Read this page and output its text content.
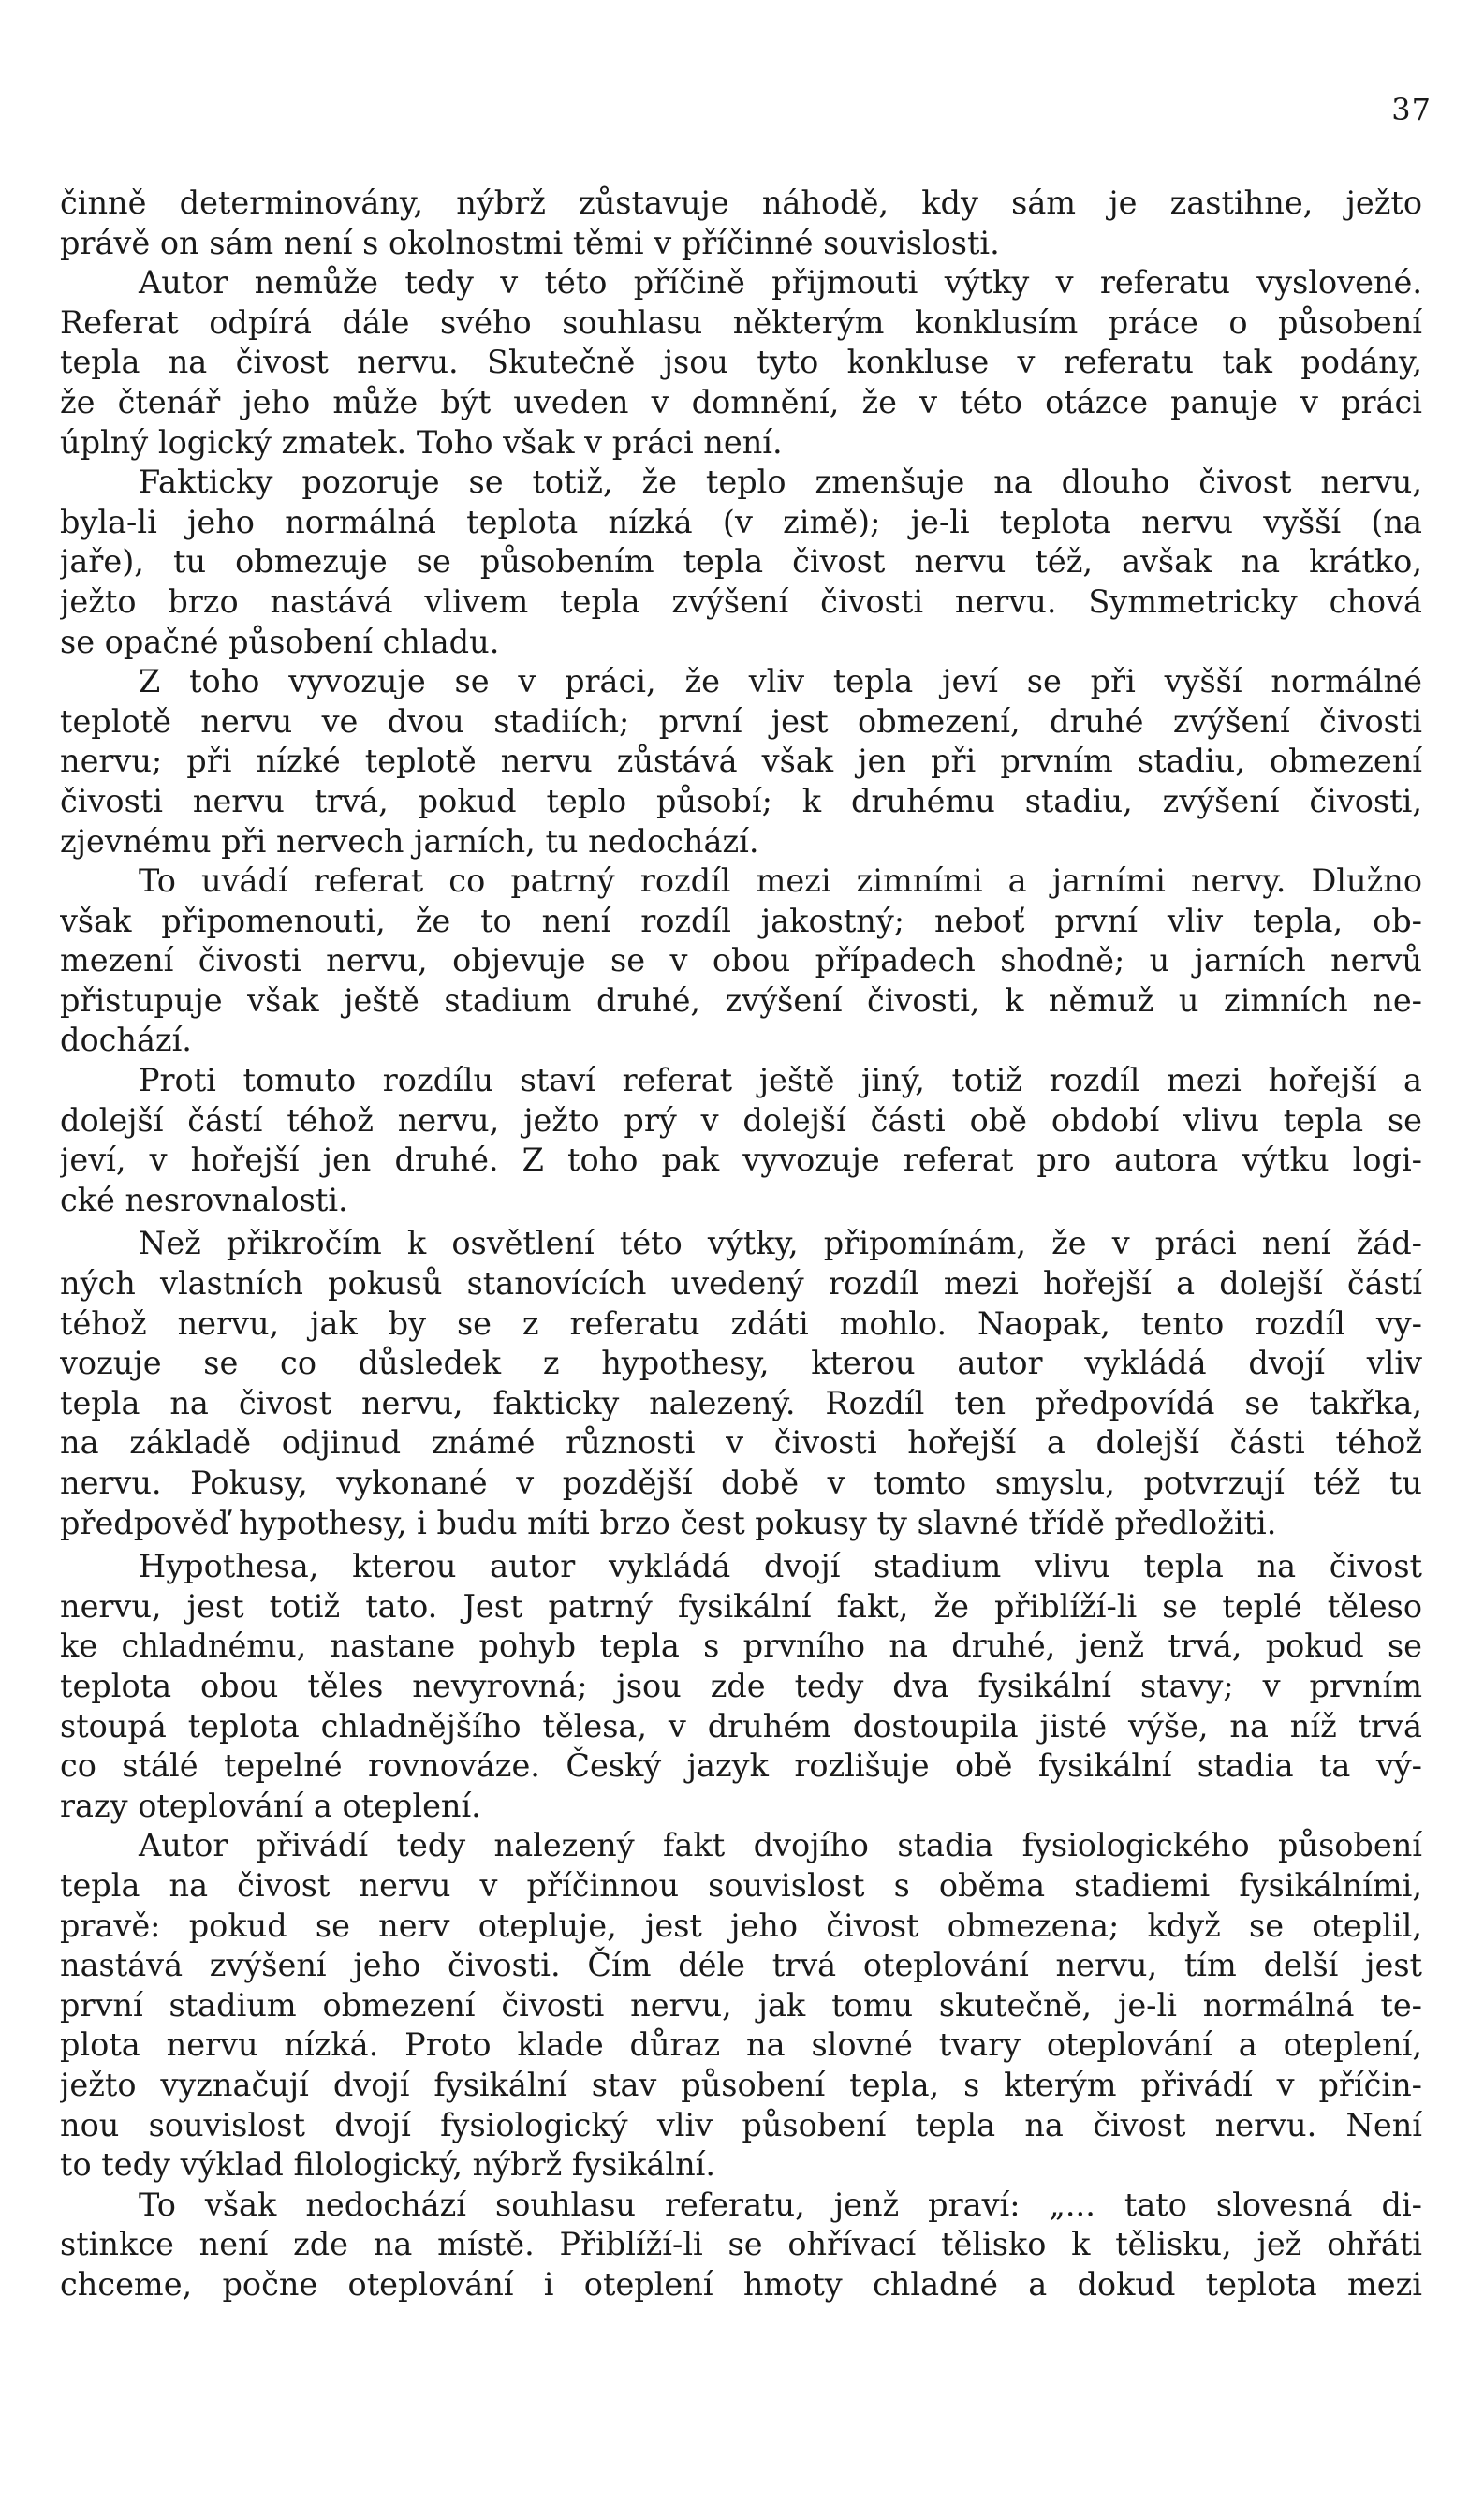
37
činně determinovány, nýbrž zůstavuje náhodě, kdy sám je zastihne, ježto
právě on sám není s okolnostmi těmi v příčinné souvislosti.
Autor nemůže tedy v této příčině přijmouti výtky v referatu vyslovené.
Referat odpírá dále svého souhlasu některým konklusím práce o působení
tepla na čivost nervu. Skutečně jsou tyto konkluse v referatu tak podány,
že čtenář jeho může být uveden v domnění, že v této otázce panuje v práci
úplný logický zmatek. Toho však v práci není.
Fakticky pozoruje se totiž, že teplo zmenšuje na dlouho čivost nervu,
byla-li jeho normálná teplota nízká (v zimě); je-li teplota nervu vyšší (na
jaře), tu obmezuje se působením tepla čivost nervu též, avšak na krátko,
ježto brzo nastává vlivem tepla zvýšení čivosti nervu. Symmetricky chová
se opačné působení chladu.
Z toho vyvozuje se v práci, že vliv tepla jeví se při vyšší normálné
teplotě nervu ve dvou stadiích; první jest obmezení, druhé zvýšení čivosti
nervu; při nízké teplotě nervu zůstává však jen při prvním stadiu, obmezení
čivosti nervu trvá, pokud teplo působí; k druhému stadiu, zvýšení čivosti,
zjevnému při nervech jarních, tu nedochází.
To uvádí referat co patrný rozdíl mezi zimními a jarními nervy. Dlužno
však připomenouti, že to není rozdíl jakostný; neboť první vliv tepla, ob-
mezení čivosti nervu, objevuje se v obou případech shodně; u jarních nervů
přistupuje však ještě stadium druhé, zvýšení čivosti, k němuž u zimních ne-
dochází.
Proti tomuto rozdílu staví referat ještě jiný, totiž rozdíl mezi hořejší a
dolejší částí téhož nervu, ježto prý v dolejší části obě období vlivu tepla se
jeví, v hořejší jen druhé. Z toho pak vyvozuje referat pro autora výtku logi-
cké nesrovnalosti.
Než přikročím k osvětlení této výtky, připomínám, že v práci není žád-
ných vlastních pokusů stanovících uvedený rozdíl mezi hořejší a dolejší částí
téhož nervu, jak by se z referatu zdáti mohlo. Naopak, tento rozdíl vy-
vozuje se co důsledek z hypothesy, kterou autor vykládá dvojí vliv
tepla na čivost nervu, fakticky nalezený. Rozdíl ten předpovídá se takřka,
na základě odjinud známé různosti v čivosti hořejší a dolejší části téhož
nervu. Pokusy, vykonané v pozdější době v tomto smyslu, potvrzují též tu
předpověď hypothesy, i budu míti brzo čest pokusy ty slavné třídě předložiti.
Hypothesa, kterou autor vykládá dvojí stadium vlivu tepla na čivost
nervu, jest totiž tato. Jest patrný fysikální fakt, že přiblíží-li se teplé těleso
ke chladnému, nastane pohyb tepla s prvního na druhé, jenž trvá, pokud se
teplota obou těles nevyrovná; jsou zde tedy dva fysikální stavy; v prvním
stoupá teplota chladnějšího tělesa, v druhém dostoupila jisté výše, na níž trvá
co stálé tepelné rovnováze. Český jazyk rozlišuje obě fysikální stadia ta vý-
razy oteplování a oteplení.
Autor přivádí tedy nalezený fakt dvojího stadia fysiologického působení
tepla na čivost nervu v příčinnou souvislost s oběma stadiemi fysikálními,
pravě: pokud se nerv otepluje, jest jeho čivost obmezena; když se oteplil,
nastává zvýšení jeho čivosti. Čím déle trvá oteplování nervu, tím delší jest
první stadium obmezení čivosti nervu, jak tomu skutečně, je-li normálná te-
plota nervu nízká. Proto klade důraz na slovné tvary oteplování a oteplení,
ježto vyznačují dvojí fysikální stav působení tepla, s kterým přivádí v příčin-
nou souvislost dvojí fysiologický vliv působení tepla na čivost nervu. Není
to tedy výklad filologický, nýbrž fysikální.
To však nedochází souhlasu referatu, jenž praví: „... tato slovesná di-
stinkce není zde na místě. Přiblíží-li se ohřívací tělisko k tělisku, jež ohřáti
chceme, počne oteplování i oteplení hmoty chladné a dokud teplota mezi
